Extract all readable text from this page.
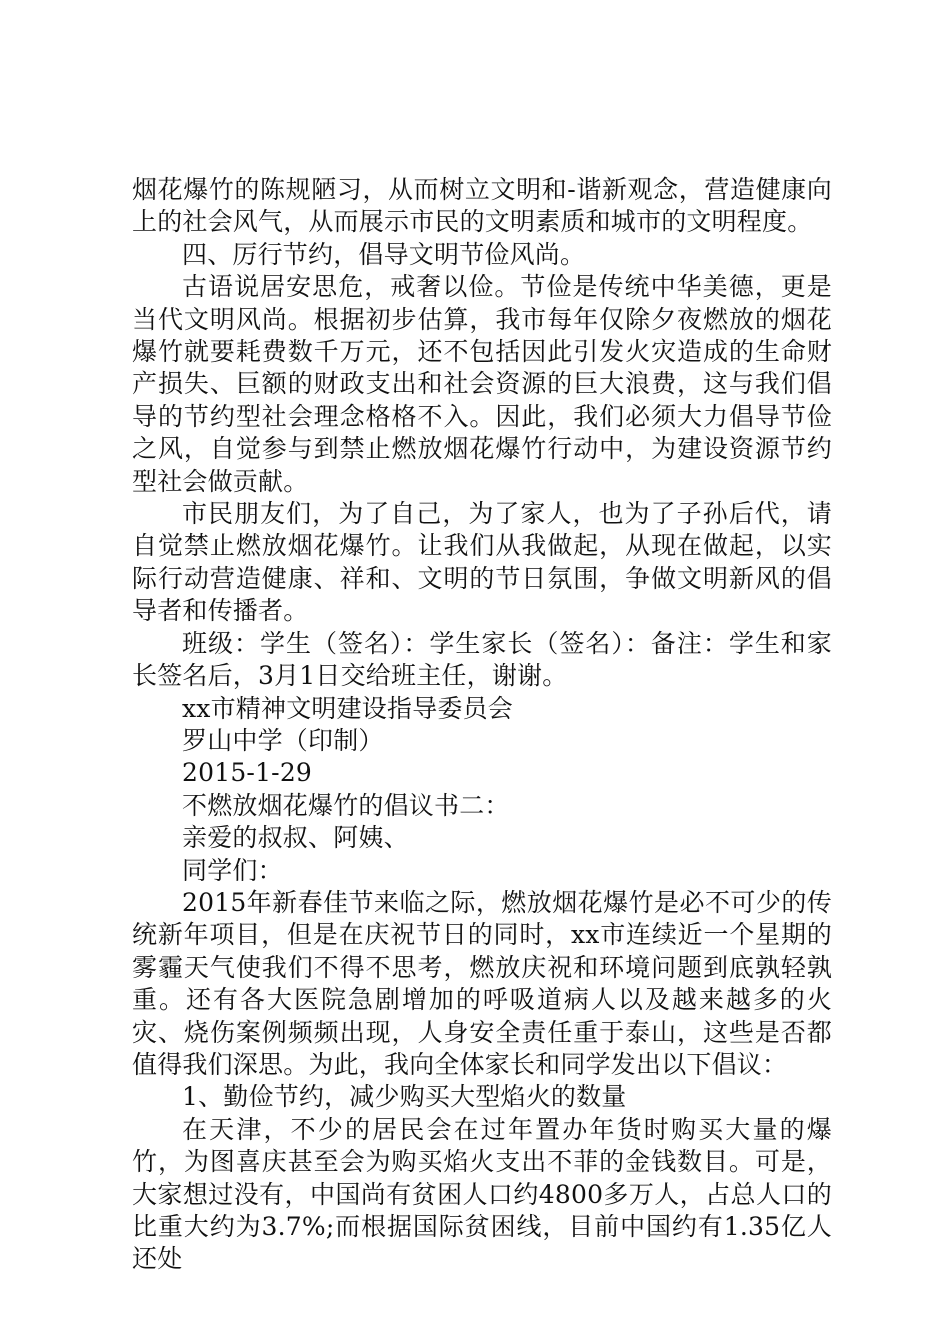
烟花爆竹的陈规陋习，从而树立文明和-谐新观念，营造健康向上的社会风气，从而展示市民的文明素质和城市的文明程度。

四、厉行节约，倡导文明节俭风尚。

古语说居安思危，戒奢以俭。节俭是传统中华美德，更是当代文明风尚。根据初步估算，我市每年仅除夕夜燃放的烟花爆竹就要耗费数千万元，还不包括因此引发火灾造成的生命财产损失、巨额的财政支出和社会资源的巨大浪费，这与我们倡导的节约型社会理念格格不入。因此，我们必须大力倡导节俭之风，自觉参与到禁止燃放烟花爆竹行动中，为建设资源节约型社会做贡献。

市民朋友们，为了自己，为了家人，也为了子孙后代，请自觉禁止燃放烟花爆竹。让我们从我做起，从现在做起，以实际行动营造健康、祥和、文明的节日氛围，争做文明新风的倡导者和传播者。

班级：学生（签名）：学生家长（签名）：备注：学生和家长签名后，3月1日交给班主任，谢谢。

xx市精神文明建设指导委员会
罗山中学（印制）
2015-1-29
不燃放烟花爆竹的倡议书二：
亲爱的叔叔、阿姨、
同学们：

2015年新春佳节来临之际，燃放烟花爆竹是必不可少的传统新年项目，但是在庆祝节日的同时，xx市连续近一个星期的雾霾天气使我们不得不思考，燃放庆祝和环境问题到底孰轻孰重。还有各大医院急剧增加的呼吸道病人以及越来越多的火灾、烧伤案例频频出现，人身安全责任重于泰山，这些是否都值得我们深思。为此，我向全体家长和同学发出以下倡议：

1、勤俭节约，减少购买大型焰火的数量

在天津，不少的居民会在过年置办年货时购买大量的爆竹，为图喜庆甚至会为购买焰火支出不菲的金钱数目。可是，大家想过没有，中国尚有贫困人口约4800多万人，占总人口的比重大约为3.7%;而根据国际贫困线，目前中国约有1.35亿人还处
